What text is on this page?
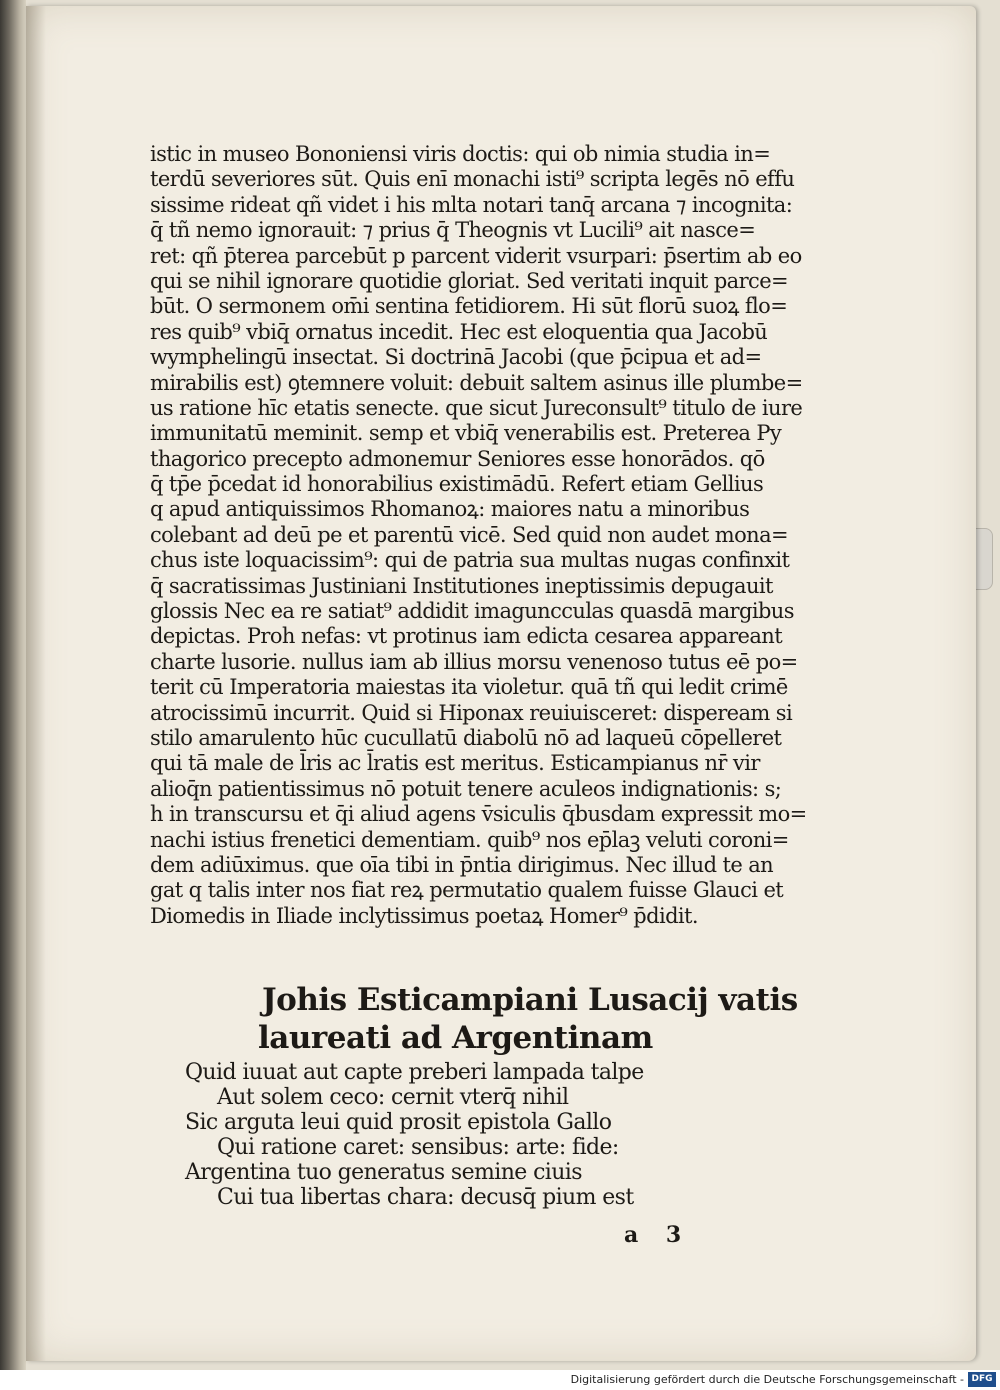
istic in museo Bononiensi viris doctis: qui ob nimia studia in=
terdū severiores sūt. Quis enī monachi isti⁹ scripta legēs nō effu
sissime rideat qñ videt i his mlta notari tanq̄ arcana ⁊ incognita:
q̄ tñ nemo ignorauit: ⁊ prius q̄ Theognis vt Lucili⁹ ait nasce=
ret: qñ p̄terea parcebūt p parcent viderit vsurpari: p̄sertim ab eo
qui se nihil ignorare quotidie gloriat. Sed veritati inquit parce=
būt. O sermonem om̄i sentina fetidiorem. Hi sūt florū suoꝝ flo=
res quib⁹ vbiq̄ ornatus incedit. Hec est eloquentia qua Jacobū
wymphelingū insectat. Si doctrinā Jacobi (que p̄cipua et ad=
mirabilis est) ꝯtemnere voluit: debuit saltem asinus ille plumbe=
us ratione hīc etatis senecte. que sicut Jureconsult⁹ titulo de iure
immunitatū meminit. semp et vbiq̄ venerabilis est. Preterea Py
thagorico precepto admonemur Seniores esse honorādos. qō
q̄ tp̄e p̄cedat id honorabilius existimādū. Refert etiam Gellius
q apud antiquissimos Rhomanoꝝ: maiores natu a minoribus
colebant ad deū pe et parentū vicē. Sed quid non audet mona=
chus iste loquacissim⁹: qui de patria sua multas nugas confinxit
q̄ sacratissimas Justiniani Institutiones ineptissimis depugauit
glossis Nec ea re satiat⁹ addidit imaguncculas quasdā margibus
depictas. Proh nefas: vt protinus iam edicta cesarea appareant
charte lusorie. nullus iam ab illius morsu venenoso tutus eē po=
terit cū Imperatoria maiestas ita violetur. quā tñ qui ledit crimē
atrocissimū incurrit. Quid si Hiponax reuiuisceret: dispeream si
stilo amarulento hūc cucullatū diabolū nō ad laqueū cōpelleret
qui tā male de l̄ris ac l̄ratis est meritus. Esticampianus nr̄ vir
alioq̄n patientissimus nō potuit tenere aculeos indignationis: s;
h in transcursu et q̄i aliud agens v̄siculis q̄busdam expressit mo=
nachi istius frenetici dementiam. quib⁹ nos ep̄laꝫ veluti coroni=
dem adiūximus. que oīa tibi in p̄ntia dirigimus. Nec illud te an
gat q talis inter nos fiat reꝝ permutatio qualem fuisse Glauci et
Diomedis in Iliade inclytissimus poetaꝝ Homer⁹ p̄didit.
Johis Esticampiani Lusacij vatis
laureati ad Argentinam
Quid iuuat aut capte preberi lampada talpe
Aut solem ceco: cernit vterq̄ nihil
Sic arguta leui quid prosit epistola Gallo
Qui ratione caret: sensibus: arte: fide:
Argentina tuo generatus semine ciuis
Cui tua libertas chara: decusq̄ pium est
a 3
Digitalisierung gefördert durch die Deutsche Forschungsgemeinschaft - DFG
